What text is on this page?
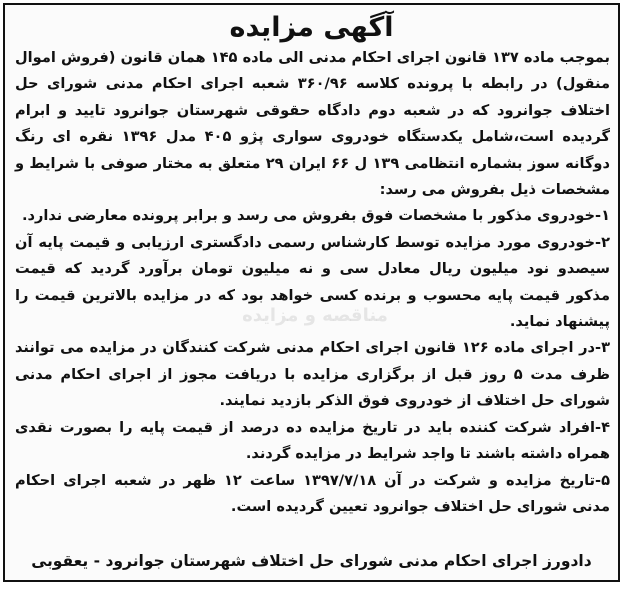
آگهی مزایده

بموجب ماده ۱۳۷ قانون اجرای احکام مدنی الی ماده ۱۴۵ همان قانون (فروش اموال منقول) در رابطه با پرونده کلاسه ۳۶۰/۹۶ شعبه اجرای احکام مدنی شورای حل اختلاف جوانرود که در شعبه دوم دادگاه حقوقی شهرستان جوانرود تایید و ابرام گردیده است،شامل یکدستگاه خودروی سواری پژو ۴۰۵ مدل ۱۳۹۶ نقره ای رنگ دوگانه سوز بشماره انتظامی ۱۳۹ ل ۶۶ ایران ۲۹ متعلق به مختار صوفی با شرایط و مشخصات ذیل بفروش می رسد:

۱-خودروی مذکور با مشخصات فوق بفروش می رسد و برابر پرونده معارضی ندارد.

۲-خودروی مورد مزایده توسط کارشناس رسمی دادگستری ارزیابی و قیمت پایه آن سیصدو نود میلیون ریال معادل سی و نه میلیون تومان برآورد گردید که قیمت مذکور قیمت پایه محسوب و برنده کسی خواهد بود که در مزایده بالاترین قیمت را پیشنهاد نماید.

۳-در اجرای ماده ۱۲۶ قانون اجرای احکام مدنی شرکت کنندگان در مزایده می توانند ظرف مدت ۵ روز قبل از برگزاری مزایده با دریافت مجوز از اجرای احکام مدنی شورای حل اختلاف از خودروی فوق الذکر بازدید نمایند.

۴-افراد شرکت کننده باید در تاریخ مزایده ده درصد از قیمت پایه را بصورت نقدی همراه داشته باشند تا واجد شرایط در مزایده گردند.

۵-تاریخ مزایده و شرکت در آن ۱۳۹۷/۷/۱۸ ساعت ۱۲ ظهر در شعبه اجرای احکام مدنی شورای حل اختلاف جوانرود تعیین گردیده است.

مناقصه و مزایده
دادورز اجرای احکام مدنی شورای حل اختلاف شهرستان جوانرود - یعقوبی
